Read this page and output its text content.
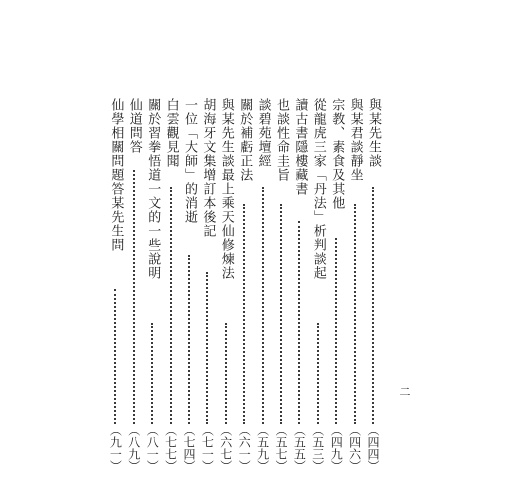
與某先生談
（四四）
與某君談靜坐
（四六）
宗教、素食及其他
（四九）
從龍虎三家「丹法」析判談起
（五三）
讀古書隱樓藏書
（五五）
也談性命圭旨
（五七）
談碧苑壇經
（五九）
關於補虧正法
（六一）
與某先生談最上乘天仙修煉法
（六七）
胡海牙文集增訂本後記
（七一）
一位「大師」的消逝
（七四）
白雲觀見聞
（七七）
關於習拳悟道一文的一些說明
（八一）
仙道問答
（八九）
仙學相關問題答某先生問
（九一）
二
